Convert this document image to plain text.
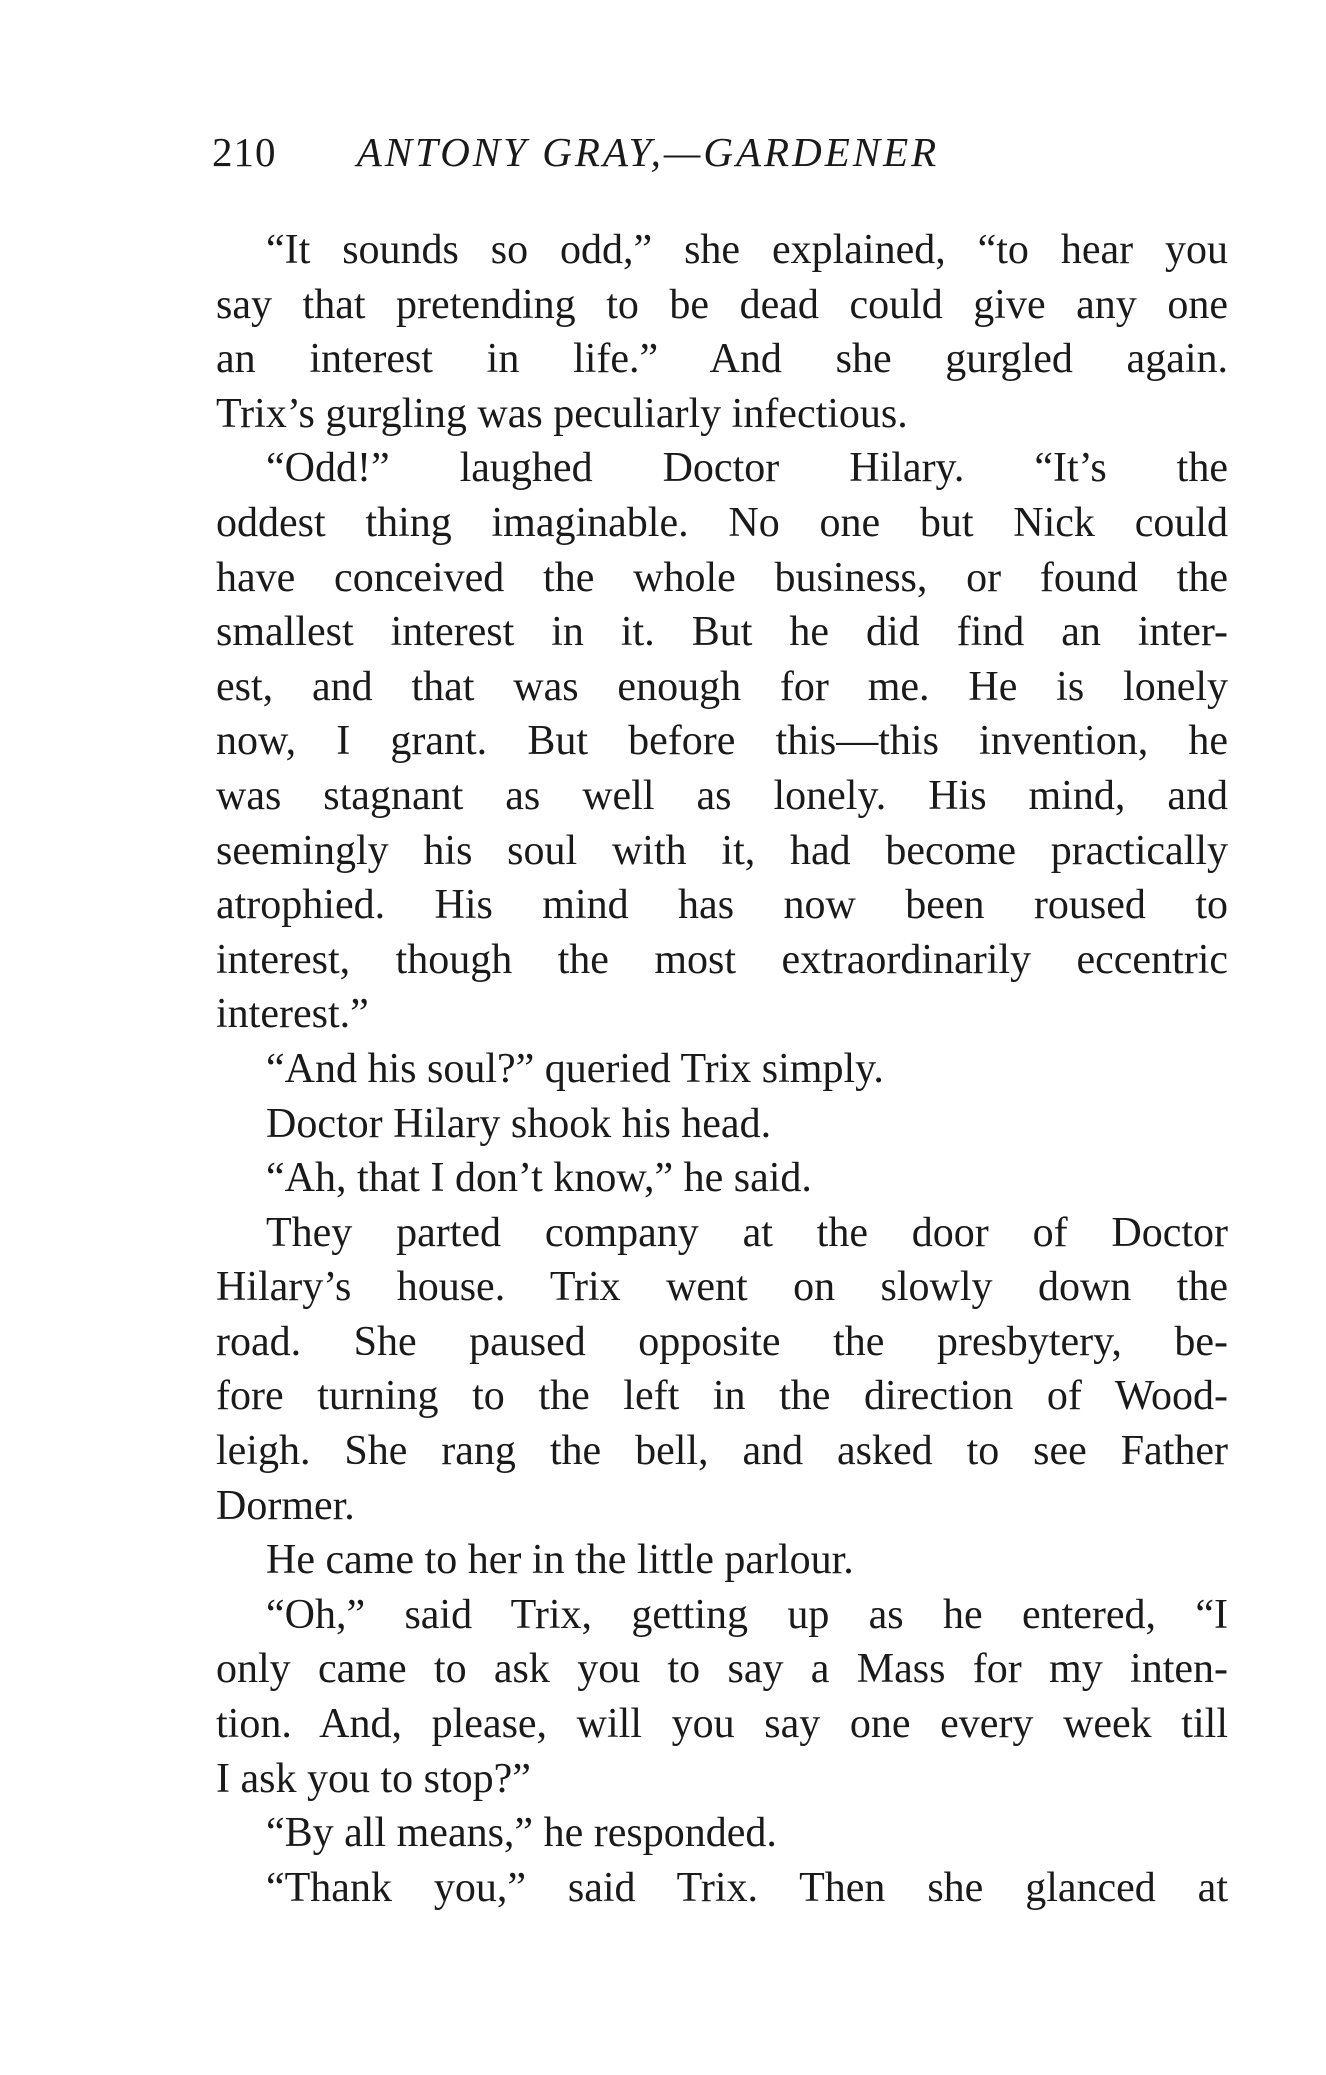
210 ANTONY GRAY,—GARDENER
“It sounds so odd,” she explained, “to hear you
say that pretending to be dead could give any one
an interest in life.” And she gurgled again.
Trix’s gurgling was peculiarly infectious.
“Odd!” laughed Doctor Hilary. “It’s the
oddest thing imaginable. No one but Nick could
have conceived the whole business, or found the
smallest interest in it. But he did find an inter-
est, and that was enough for me. He is lonely
now, I grant. But before this—this invention, he
was stagnant as well as lonely. His mind, and
seemingly his soul with it, had become practically
atrophied. His mind has now been roused to
interest, though the most extraordinarily eccentric
interest.”
“And his soul?” queried Trix simply.
Doctor Hilary shook his head.
“Ah, that I don’t know,” he said.
They parted company at the door of Doctor
Hilary’s house. Trix went on slowly down the
road. She paused opposite the presbytery, be-
fore turning to the left in the direction of Wood-
leigh. She rang the bell, and asked to see Father
Dormer.
He came to her in the little parlour.
“Oh,” said Trix, getting up as he entered, “I
only came to ask you to say a Mass for my inten-
tion. And, please, will you say one every week till
I ask you to stop?”
“By all means,” he responded.
“Thank you,” said Trix. Then she glanced at
